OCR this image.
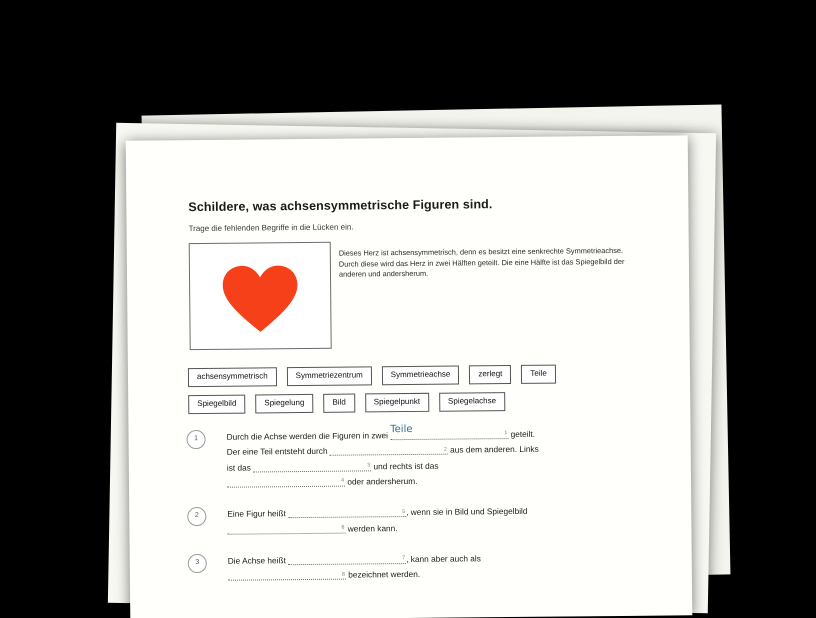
Schildere, was achsensymmetrische Figuren sind.
Trage die fehlenden Begriffe in die Lücken ein.
Dieses Herz ist achsensymmetrisch, denn es besitzt eine senkrechte Symmetrieachse.
Durch diese wird das Herz in zwei Hälften geteilt. Die eine Hälfte ist das Spiegelbild der anderen und andersherum.
achsensymmetrisch	Symmetriezentrum	Symmetrieachse	zerlegt	Teile
Spiegelbild	Spiegelung	Bild	Spiegelpunkt	Spiegelachse
1	Durch die Achse werden die Figuren in zwei
Teile	1 geteilt.
Der eine Teil entsteht durch	2 aus dem anderen. Links
ist das	3 und rechts ist das
4 oder andersherum.
2	Eine Figur heißt	5 , wenn sie in Bild und Spiegelbild
6 werden kann.
3	Die Achse heißt	7 , kann aber auch als
8 bezeichnet werden.
